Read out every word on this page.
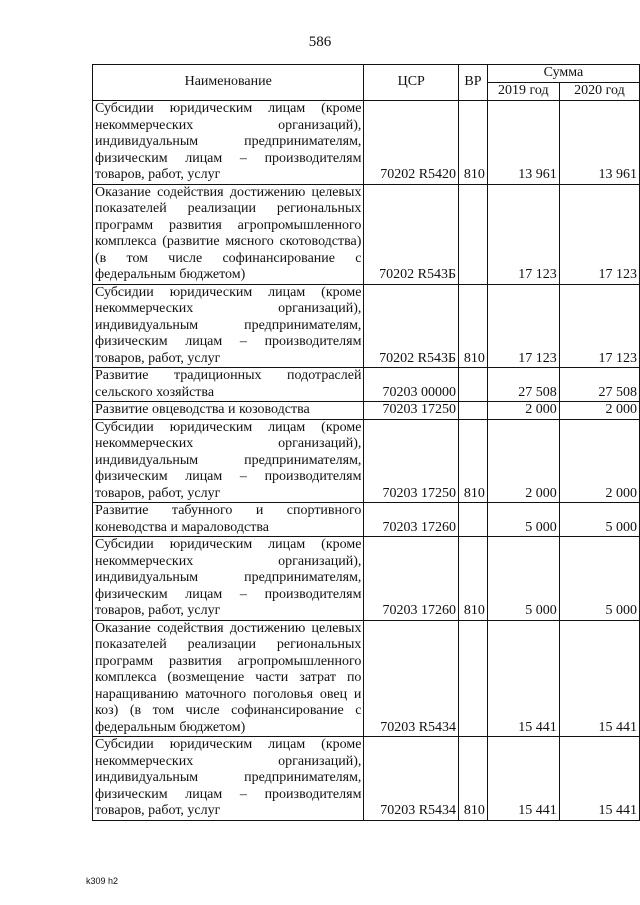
586
Наименование	ЦСР	ВР	Сумма	
			2019 год	2020 год
Субсидии юридическим лицам (кроме некоммерческих организаций), индивидуальным предпринимателям, физическим лицам – производителям товаров, работ, услуг	70202 R5420	810	13 961	13 961
Оказание содействия достижению целевых показателей реализации региональных программ развития агропромышленного комплекса (развитие мясного скотоводства) (в том числе софинансирование с федеральным бюджетом)	70202 R543Б		17 123	17 123
Субсидии юридическим лицам (кроме некоммерческих организаций), индивидуальным предпринимателям, физическим лицам – производителям товаров, работ, услуг	70202 R543Б	810	17 123	17 123
Развитие традиционных подотраслей сельского хозяйства	70203 00000		27 508	27 508
Развитие овцеводства и козоводства	70203 17250		2 000	2 000
Субсидии юридическим лицам (кроме некоммерческих организаций), индивидуальным предпринимателям, физическим лицам – производителям товаров, работ, услуг	70203 17250	810	2 000	2 000
Развитие табунного и спортивного коневодства и мараловодства	70203 17260		5 000	5 000
Субсидии юридическим лицам (кроме некоммерческих организаций), индивидуальным предпринимателям, физическим лицам – производителям товаров, работ, услуг	70203 17260	810	5 000	5 000
Оказание содействия достижению целевых показателей реализации региональных программ развития агропромышленного комплекса (возмещение части затрат по наращиванию маточного поголовья овец и коз) (в том числе софинансирование с федеральным бюджетом)	70203 R5434		15 441	15 441
Субсидии юридическим лицам (кроме некоммерческих организаций), индивидуальным предпринимателям, физическим лицам – производителям товаров, работ, услуг	70203 R5434	810	15 441	15 441
k309 h2
